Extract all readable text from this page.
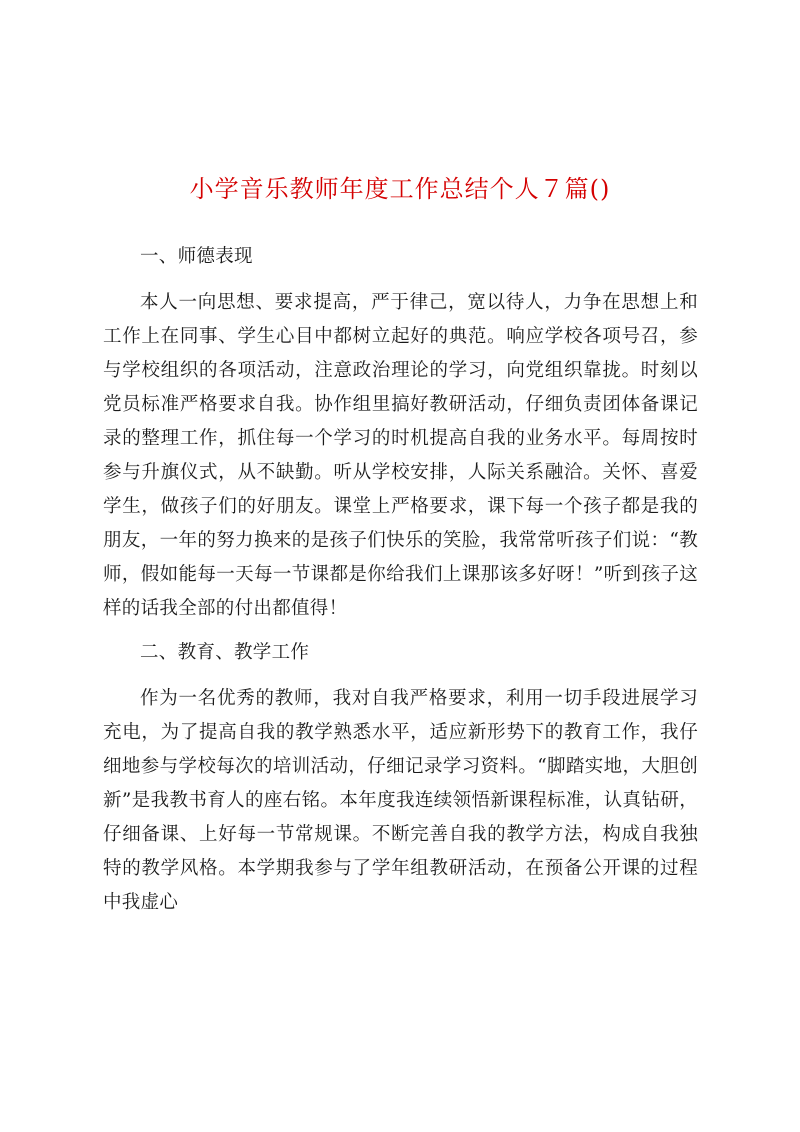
小学音乐教师年度工作总结个人７篇()

一、师德表现

本人一向思想、要求提高，严于律己，宽以待人，力争在思想上和工作上在同事、学生心目中都树立起好的典范。响应学校各项号召，参与学校组织的各项活动，注意政治理论的学习，向党组织靠拢。时刻以党员标准严格要求自我。协作组里搞好教研活动，仔细负责团体备课记录的整理工作，抓住每一个学习的时机提高自我的业务水平。每周按时参与升旗仪式，从不缺勤。听从学校安排，人际关系融洽。关怀、喜爱学生，做孩子们的好朋友。课堂上严格要求，课下每一个孩子都是我的朋友，一年的努力换来的是孩子们快乐的笑脸，我常常听孩子们说：“教师，假如能每一天每一节课都是你给我们上课那该多好呀！”听到孩子这样的话我全部的付出都值得！

二、教育、教学工作

作为一名优秀的教师，我对自我严格要求，利用一切手段进展学习充电，为了提高自我的教学熟悉水平，适应新形势下的教育工作，我仔细地参与学校每次的培训活动，仔细记录学习资料。“脚踏实地，大胆创新”是我教书育人的座右铭。本年度我连续领悟新课程标准，认真钻研，仔细备课、上好每一节常规课。不断完善自我的教学方法，构成自我独特的教学风格。本学期我参与了学年组教研活动，在预备公开课的过程中我虚心
